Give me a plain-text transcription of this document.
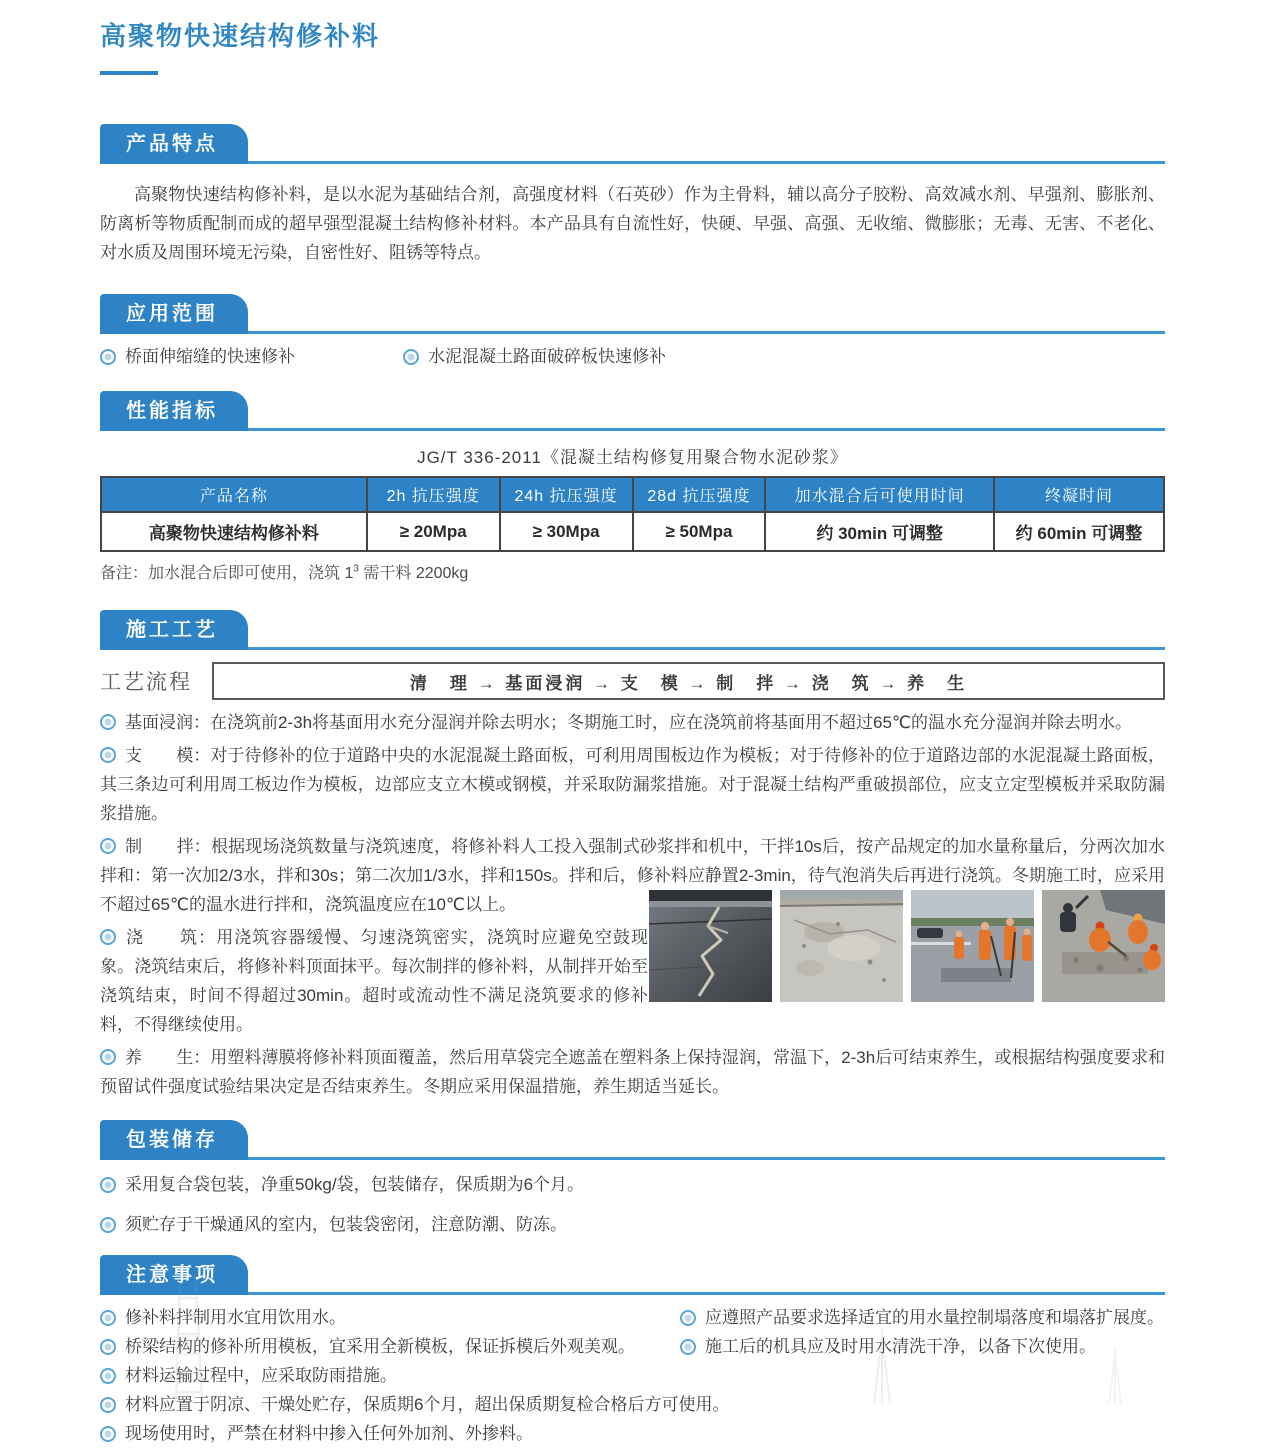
高聚物快速结构修补料
产品特点

高聚物快速结构修补料，是以水泥为基础结合剂，高强度材料（石英砂）作为主骨料，辅以高分子胶粉、高效减水剂、早强剂、膨胀剂、防离析等物质配制而成的超早强型混凝土结构修补材料。本产品具有自流性好，快硬、早强、高强、无收缩、微膨胀；无毒、无害、不老化、对水质及周围环境无污染，自密性好、阻锈等特点。

应用范围
桥面伸缩缝的快速修补	水泥混凝土路面破碎板快速修补
性能指标

JG/T 336-2011《混凝土结构修复用聚合物水泥砂浆》

产品名称	2h 抗压强度	24h 抗压强度	28d 抗压强度	加水混合后可使用时间	终凝时间
高聚物快速结构修补料	≥ 20Mpa	≥ 30Mpa	≥ 50Mpa	约 30min 可调整	约 60min 可调整

备注：加水混合后即可使用，浇筑 $1^3$ 需干料 2200kg

施工工艺
工艺流程	清　理 → 基面浸润 → 支　模 → 制　拌 → 浇　筑 → 养　生

基面浸润：在浇筑前2-3h将基面用水充分湿润并除去明水；冬期施工时，应在浇筑前将基面用不超过65℃的温水充分湿润并除去明水。

支　　模：对于待修补的位于道路中央的水泥混凝土路面板，可利用周围板边作为模板；对于待修补的位于道路边部的水泥混凝土路面板，其三条边可利用周工板边作为模板，边部应支立木模或钢模，并采取防漏浆措施。对于混凝土结构严重破损部位，应支立定型模板并采取防漏浆措施。

制　　拌：根据现场浇筑数量与浇筑速度，将修补料人工投入强制式砂浆拌和机中，干拌10s后，按产品规定的加水量称量后，分两次加水拌和：第一次加2/3水，拌和30s；第二次加1/3水，拌和150s。拌和后，修补料应静置2-3min，待气泡消失后再进行浇筑。冬期施工时，应采用不超过65℃的温水进行拌和，浇筑温度应在10℃以上。

浇　　筑：用浇筑容器缓慢、匀速浇筑密实，浇筑时应避免空鼓现象。浇筑结束后，将修补料顶面抹平。每次制拌的修补料，从制拌开始至浇筑结束，时间不得超过30min。超时或流动性不满足浇筑要求的修补料，不得继续使用。

养　　生：用塑料薄膜将修补料顶面覆盖，然后用草袋完全遮盖在塑料条上保持湿润，常温下，2-3h后可结束养生，或根据结构强度要求和预留试件强度试验结果决定是否结束养生。冬期应采用保温措施，养生期适当延长。

包装储存
采用复合袋包装，净重50kg/袋，包装储存，保质期为6个月。
须贮存于干燥通风的室内，包装袋密闭，注意防潮、防冻。
注意事项
修补料拌制用水宜用饮用水。	应遵照产品要求选择适宜的用水量控制塌落度和塌落扩展度。
桥梁结构的修补所用模板，宜采用全新模板，保证拆模后外观美观。	施工后的机具应及时用水清洗干净，以备下次使用。
材料运输过程中，应采取防雨措施。
材料应置于阴凉、干燥处贮存，保质期6个月，超出保质期复检合格后方可使用。
现场使用时，严禁在材料中掺入任何外加剂、外掺料。
